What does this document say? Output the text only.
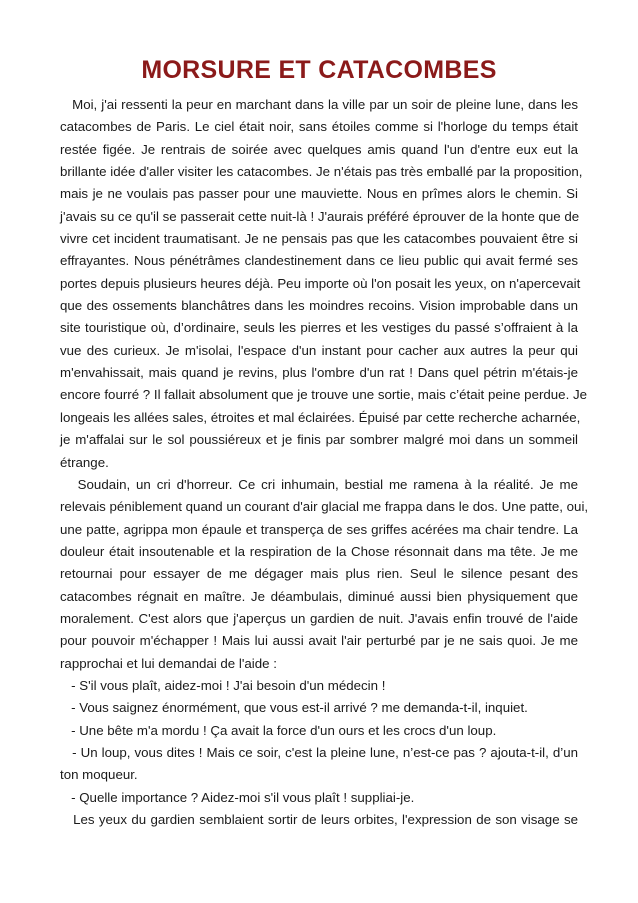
MORSURE ET CATACOMBES
Moi, j'ai ressenti la peur en marchant dans la ville par un soir de pleine lune, dans les
catacombes de Paris. Le ciel était noir, sans étoiles comme si l'horloge du temps était
restée figée. Je rentrais de soirée avec quelques amis quand l'un d'entre eux eut la
brillante idée d'aller visiter les catacombes. Je n'étais pas très emballé par la proposition,
mais je ne voulais pas passer pour une mauviette. Nous en prîmes alors le chemin. Si
j'avais su ce qu'il se passerait cette nuit-là ! J'aurais préféré éprouver de la honte que de
vivre cet incident traumatisant. Je ne pensais pas que les catacombes pouvaient être si
effrayantes. Nous pénétrâmes clandestinement dans ce lieu public qui avait fermé ses
portes depuis plusieurs heures déjà. Peu importe où l'on posait les yeux, on n'apercevait
que des ossements blanchâtres dans les moindres recoins. Vision improbable dans un
site touristique où, d’ordinaire, seuls les pierres et les vestiges du passé s’offraient à la
vue des curieux. Je m'isolai, l'espace d'un instant pour cacher aux autres la peur qui
m'envahissait, mais quand je revins, plus l'ombre d'un rat ! Dans quel pétrin m'étais-je
encore fourré ? Il fallait absolument que je trouve une sortie, mais c’était peine perdue. Je
longeais les allées sales, étroites et mal éclairées. Épuisé par cette recherche acharnée,
je m'affalai sur le sol poussiéreux et je finis par sombrer malgré moi dans un sommeil
étrange.
Soudain, un cri d'horreur. Ce cri inhumain, bestial me ramena à la réalité. Je me
relevais péniblement quand un courant d'air glacial me frappa dans le dos. Une patte, oui,
une patte, agrippa mon épaule et transperça de ses griffes acérées ma chair tendre. La
douleur était insoutenable et la respiration de la Chose résonnait dans ma tête. Je me
retournai pour essayer de me dégager mais plus rien. Seul le silence pesant des
catacombes régnait en maître. Je déambulais, diminué aussi bien physiquement que
moralement. C'est alors que j'aperçus un gardien de nuit. J'avais enfin trouvé de l'aide
pour pouvoir m'échapper ! Mais lui aussi avait l'air perturbé par je ne sais quoi. Je me
rapprochai et lui demandai de l'aide :
- S'il vous plaît, aidez-moi ! J'ai besoin d'un médecin !
- Vous saignez énormément, que vous est-il arrivé ? me demanda-t-il, inquiet.
- Une bête m'a mordu ! Ça avait la force d'un ours et les crocs d'un loup.
- Un loup, vous dites ! Mais ce soir, c'est la pleine lune, n’est-ce pas ? ajouta-t-il, d’un
ton moqueur.
- Quelle importance ? Aidez-moi s'il vous plaît ! suppliai-je.
Les yeux du gardien semblaient sortir de leurs orbites, l'expression de son visage se
